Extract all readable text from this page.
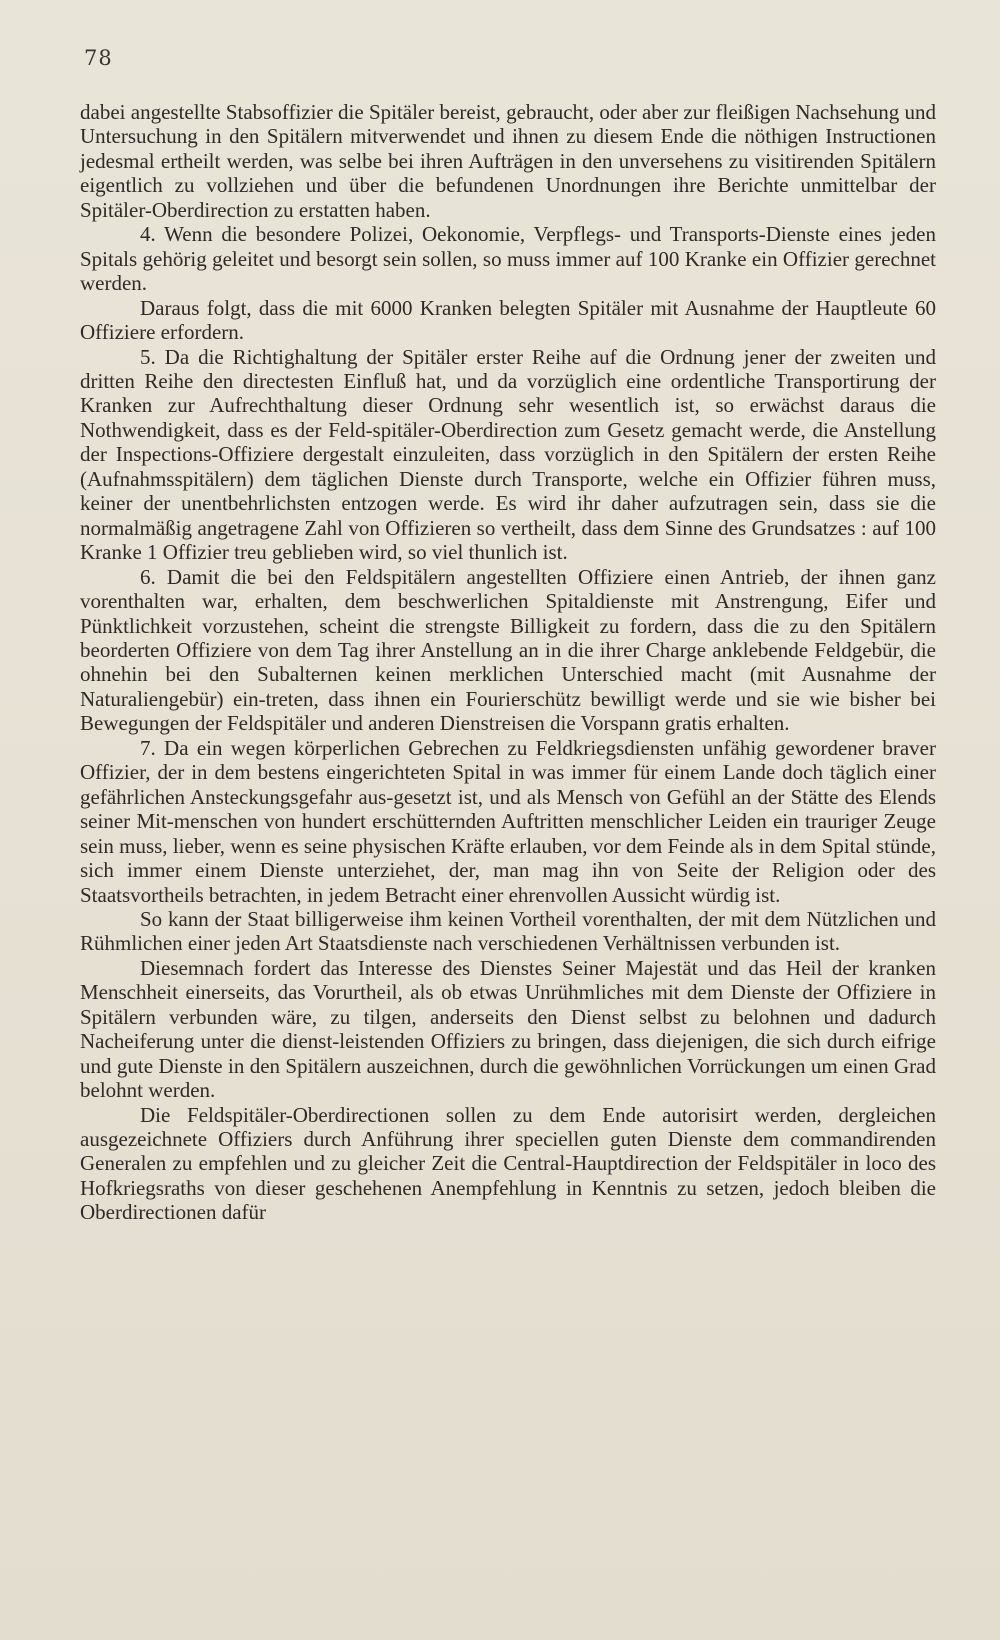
78

dabei angestellte Stabsoffizier die Spitäler bereist, gebraucht, oder aber zur fleißigen Nachsehung und Untersuchung in den Spitälern mitverwendet und ihnen zu diesem Ende die nöthigen Instructionen jedesmal ertheilt werden, was selbe bei ihren Aufträgen in den unversehens zu visitirenden Spitälern eigentlich zu vollziehen und über die befundenen Unordnungen ihre Berichte unmittelbar der Spitäler-Oberdirection zu erstatten haben.

4. Wenn die besondere Polizei, Oekonomie, Verpflegs- und Transports-Dienste eines jeden Spitals gehörig geleitet und besorgt sein sollen, so muss immer auf 100 Kranke ein Offizier gerechnet werden.

Daraus folgt, dass die mit 6000 Kranken belegten Spitäler mit Ausnahme der Hauptleute 60 Offiziere erfordern.

5. Da die Richtighaltung der Spitäler erster Reihe auf die Ordnung jener der zweiten und dritten Reihe den directesten Einfluß hat, und da vorzüglich eine ordentliche Transportirung der Kranken zur Aufrechthaltung dieser Ordnung sehr wesentlich ist, so erwächst daraus die Nothwendigkeit, dass es der Feld-spitäler-Oberdirection zum Gesetz gemacht werde, die Anstellung der Inspections-Offiziere dergestalt einzuleiten, dass vorzüglich in den Spitälern der ersten Reihe (Aufnahmsspitälern) dem täglichen Dienste durch Transporte, welche ein Offizier führen muss, keiner der unentbehrlichsten entzogen werde. Es wird ihr daher aufzutragen sein, dass sie die normalmäßig angetragene Zahl von Offizieren so vertheilt, dass dem Sinne des Grundsatzes : auf 100 Kranke 1 Offizier treu geblieben wird, so viel thunlich ist.

6. Damit die bei den Feldspitälern angestellten Offiziere einen Antrieb, der ihnen ganz vorenthalten war, erhalten, dem beschwerlichen Spitaldienste mit Anstrengung, Eifer und Pünktlichkeit vorzustehen, scheint die strengste Billigkeit zu fordern, dass die zu den Spitälern beorderten Offiziere von dem Tag ihrer Anstellung an in die ihrer Charge anklebende Feldgebür, die ohnehin bei den Subalternen keinen merklichen Unterschied macht (mit Ausnahme der Naturaliengebür) ein-treten, dass ihnen ein Fourierschütz bewilligt werde und sie wie bisher bei Bewegungen der Feldspitäler und anderen Dienstreisen die Vorspann gratis erhalten.

7. Da ein wegen körperlichen Gebrechen zu Feldkriegsdiensten unfähig gewordener braver Offizier, der in dem bestens eingerichteten Spital in was immer für einem Lande doch täglich einer gefährlichen Ansteckungsgefahr aus-gesetzt ist, und als Mensch von Gefühl an der Stätte des Elends seiner Mit-menschen von hundert erschütternden Auftritten menschlicher Leiden ein trauriger Zeuge sein muss, lieber, wenn es seine physischen Kräfte erlauben, vor dem Feinde als in dem Spital stünde, sich immer einem Dienste unterziehet, der, man mag ihn von Seite der Religion oder des Staatsvortheils betrachten, in jedem Betracht einer ehrenvollen Aussicht würdig ist.

So kann der Staat billigerweise ihm keinen Vortheil vorenthalten, der mit dem Nützlichen und Rühmlichen einer jeden Art Staatsdienste nach verschiedenen Verhältnissen verbunden ist.

Diesemnach fordert das Interesse des Dienstes Seiner Majestät und das Heil der kranken Menschheit einerseits, das Vorurtheil, als ob etwas Unrühmliches mit dem Dienste der Offiziere in Spitälern verbunden wäre, zu tilgen, anderseits den Dienst selbst zu belohnen und dadurch Nacheiferung unter die dienst-leistenden Offiziers zu bringen, dass diejenigen, die sich durch eifrige und gute Dienste in den Spitälern auszeichnen, durch die gewöhnlichen Vorrückungen um einen Grad belohnt werden.

Die Feldspitäler-Oberdirectionen sollen zu dem Ende autorisirt werden, dergleichen ausgezeichnete Offiziers durch Anführung ihrer speciellen guten Dienste dem commandirenden Generalen zu empfehlen und zu gleicher Zeit die Central-Hauptdirection der Feldspitäler in loco des Hofkriegsraths von dieser geschehenen Anempfehlung in Kenntnis zu setzen, jedoch bleiben die Oberdirectionen dafür
